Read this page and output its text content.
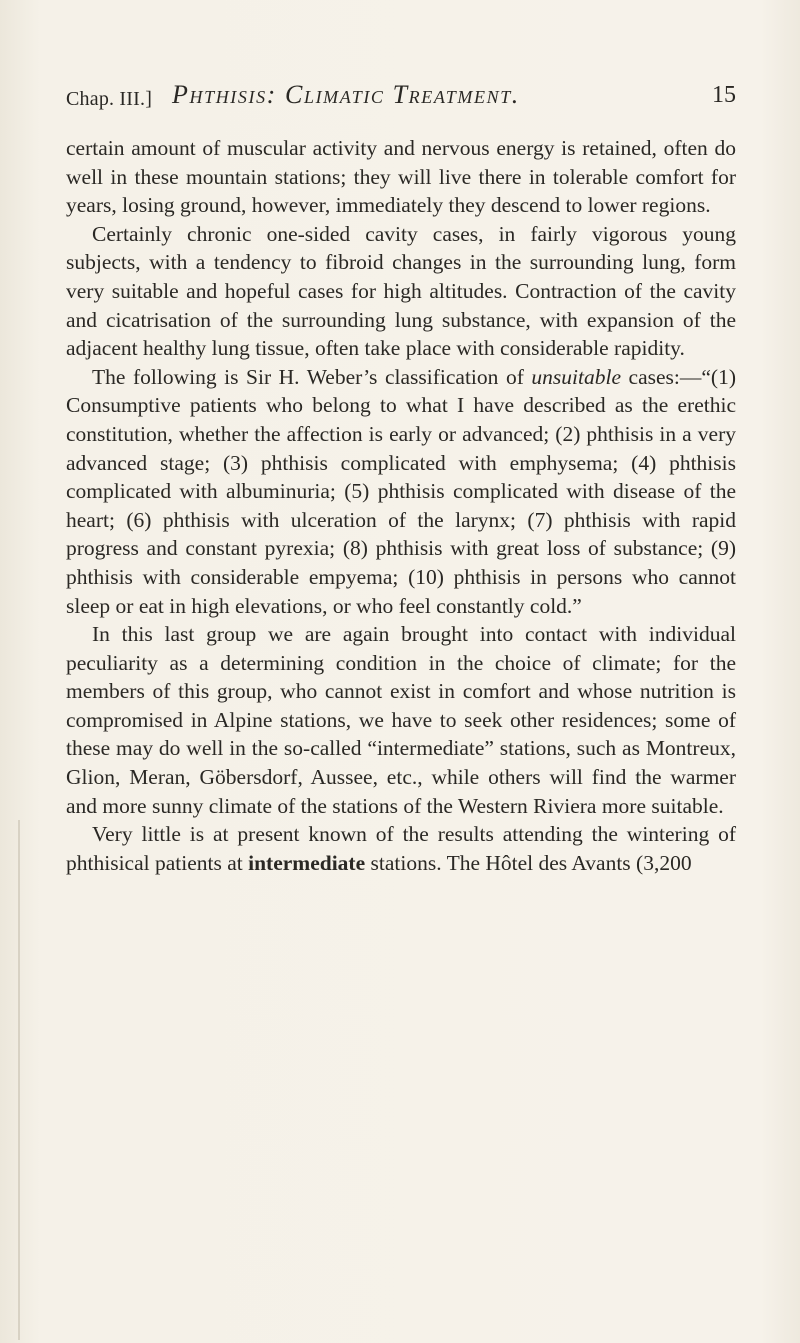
Chap. III.] Phthisis: Climatic Treatment.	15

certain amount of muscular activity and nervous energy is retained, often do well in these mountain stations; they will live there in tolerable comfort for years, losing ground, however, immediately they descend to lower regions.

Certainly chronic one-sided cavity cases, in fairly vigorous young subjects, with a tendency to fibroid changes in the surrounding lung, form very suitable and hopeful cases for high altitudes. Contraction of the cavity and cicatrisation of the surrounding lung substance, with expansion of the adjacent healthy lung tissue, often take place with considerable rapidity.

The following is Sir H. Weber’s classification of unsuitable cases:—“(1) Consumptive patients who belong to what I have described as the erethic constitution, whether the affection is early or advanced; (2) phthisis in a very advanced stage; (3) phthisis complicated with emphysema; (4) phthisis complicated with albuminuria; (5) phthisis complicated with disease of the heart; (6) phthisis with ulceration of the larynx; (7) phthisis with rapid progress and constant pyrexia; (8) phthisis with great loss of substance; (9) phthisis with considerable empyema; (10) phthisis in persons who cannot sleep or eat in high elevations, or who feel constantly cold.”

In this last group we are again brought into contact with individual peculiarity as a determining condition in the choice of climate; for the members of this group, who cannot exist in comfort and whose nutrition is compromised in Alpine stations, we have to seek other residences; some of these may do well in the so-called “intermediate” stations, such as Montreux, Glion, Meran, Göbersdorf, Aussee, etc., while others will find the warmer and more sunny climate of the stations of the Western Riviera more suitable.

Very little is at present known of the results attending the wintering of phthisical patients at intermediate stations. The Hôtel des Avants (3,200
